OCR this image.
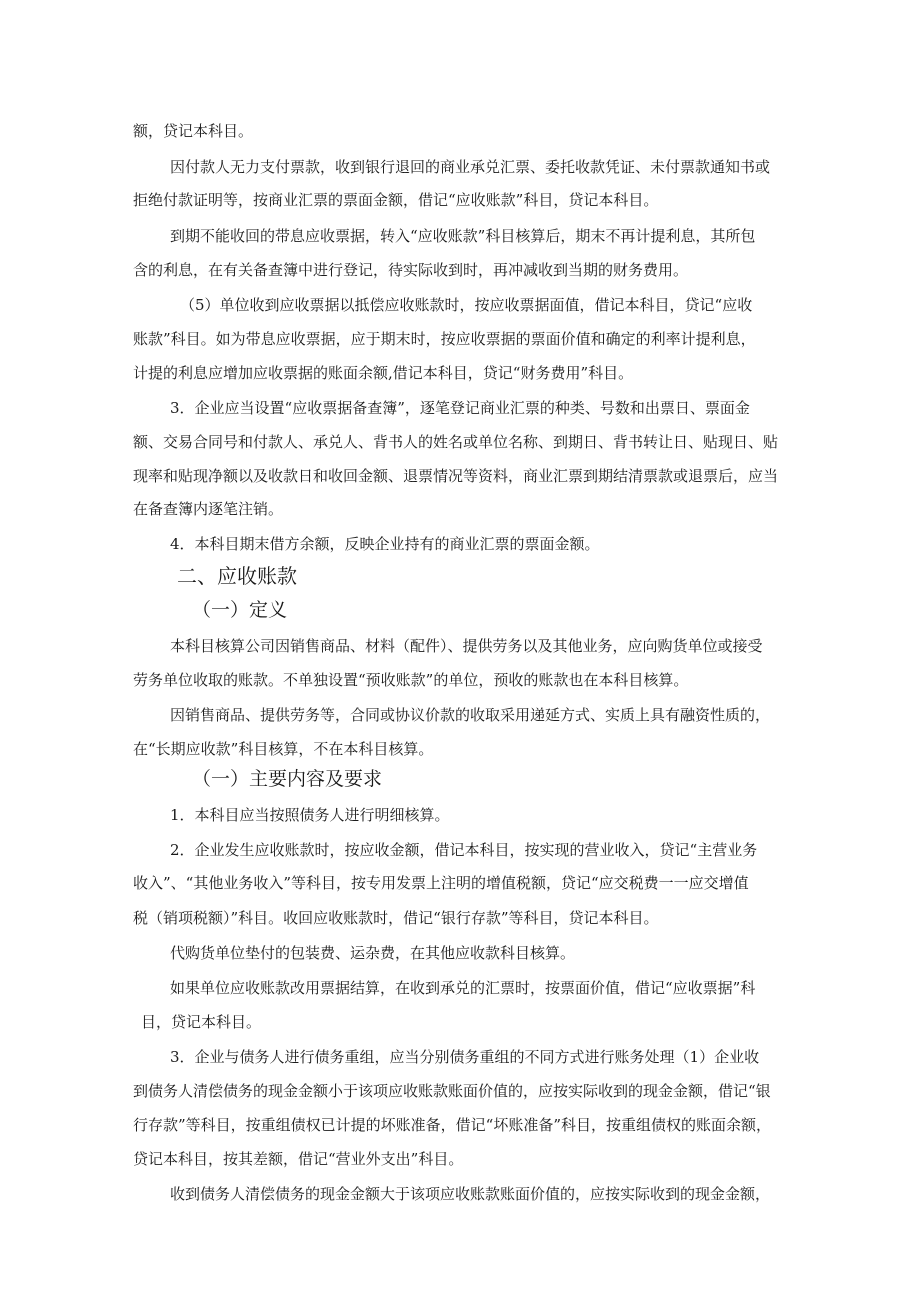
额，贷记本科目。
因付款人无力支付票款，收到银行退回的商业承兑汇票、委托收款凭证、未付票款通知书或
拒绝付款证明等，按商业汇票的票面金额，借记“应收账款”科目，贷记本科目。
到期不能收回的带息应收票据，转入“应收账款”科目核算后，期末不再计提利息，其所包
含的利息，在有关备查簿中进行登记，待实际收到时，再冲减收到当期的财务费用。
（5）单位收到应收票据以抵偿应收账款时，按应收票据面值，借记本科目，贷记“应收
账款”科目。如为带息应收票据，应于期末时，按应收票据的票面价值和确定的利率计提利息，
计提的利息应增加应收票据的账面余额,借记本科目，贷记“财务费用”科目。
3．企业应当设置“应收票据备查簿”，逐笔登记商业汇票的种类、号数和出票日、票面金
额、交易合同号和付款人、承兑人、背书人的姓名或单位名称、到期日、背书转让日、贴现日、贴
现率和贴现净额以及收款日和收回金额、退票情况等资料，商业汇票到期结清票款或退票后，应当
在备查簿内逐笔注销。
4．本科目期末借方余额，反映企业持有的商业汇票的票面金额。
二、应收账款
（一）定义
本科目核算公司因销售商品、材料（配件）、提供劳务以及其他业务，应向购货单位或接受
劳务单位收取的账款。不单独设置“预收账款”的单位，预收的账款也在本科目核算。
因销售商品、提供劳务等，合同或协议价款的收取采用递延方式、实质上具有融资性质的，
在“长期应收款”科目核算，不在本科目核算。
（一）主要内容及要求
1．本科目应当按照债务人进行明细核算。
2．企业发生应收账款时，按应收金额，借记本科目，按实现的营业收入，贷记“主营业务
收入”、“其他业务收入”等科目，按专用发票上注明的增值税额，贷记“应交税费一一应交增值
税（销项税额）”科目。收回应收账款时，借记“银行存款”等科目，贷记本科目。
代购货单位垫付的包装费、运杂费，在其他应收款科目核算。
如果单位应收账款改用票据结算，在收到承兑的汇票时，按票面价值，借记“应收票据”科
目，贷记本科目。
3．企业与债务人进行债务重组，应当分别债务重组的不同方式进行账务处理（1）企业收
到债务人清偿债务的现金金额小于该项应收账款账面价值的，应按实际收到的现金金额，借记“银
行存款”等科目，按重组债权已计提的坏账准备，借记“坏账准备”科目，按重组债权的账面余额，
贷记本科目，按其差额，借记“营业外支出”科目。
收到债务人清偿债务的现金金额大于该项应收账款账面价值的，应按实际收到的现金金额，
